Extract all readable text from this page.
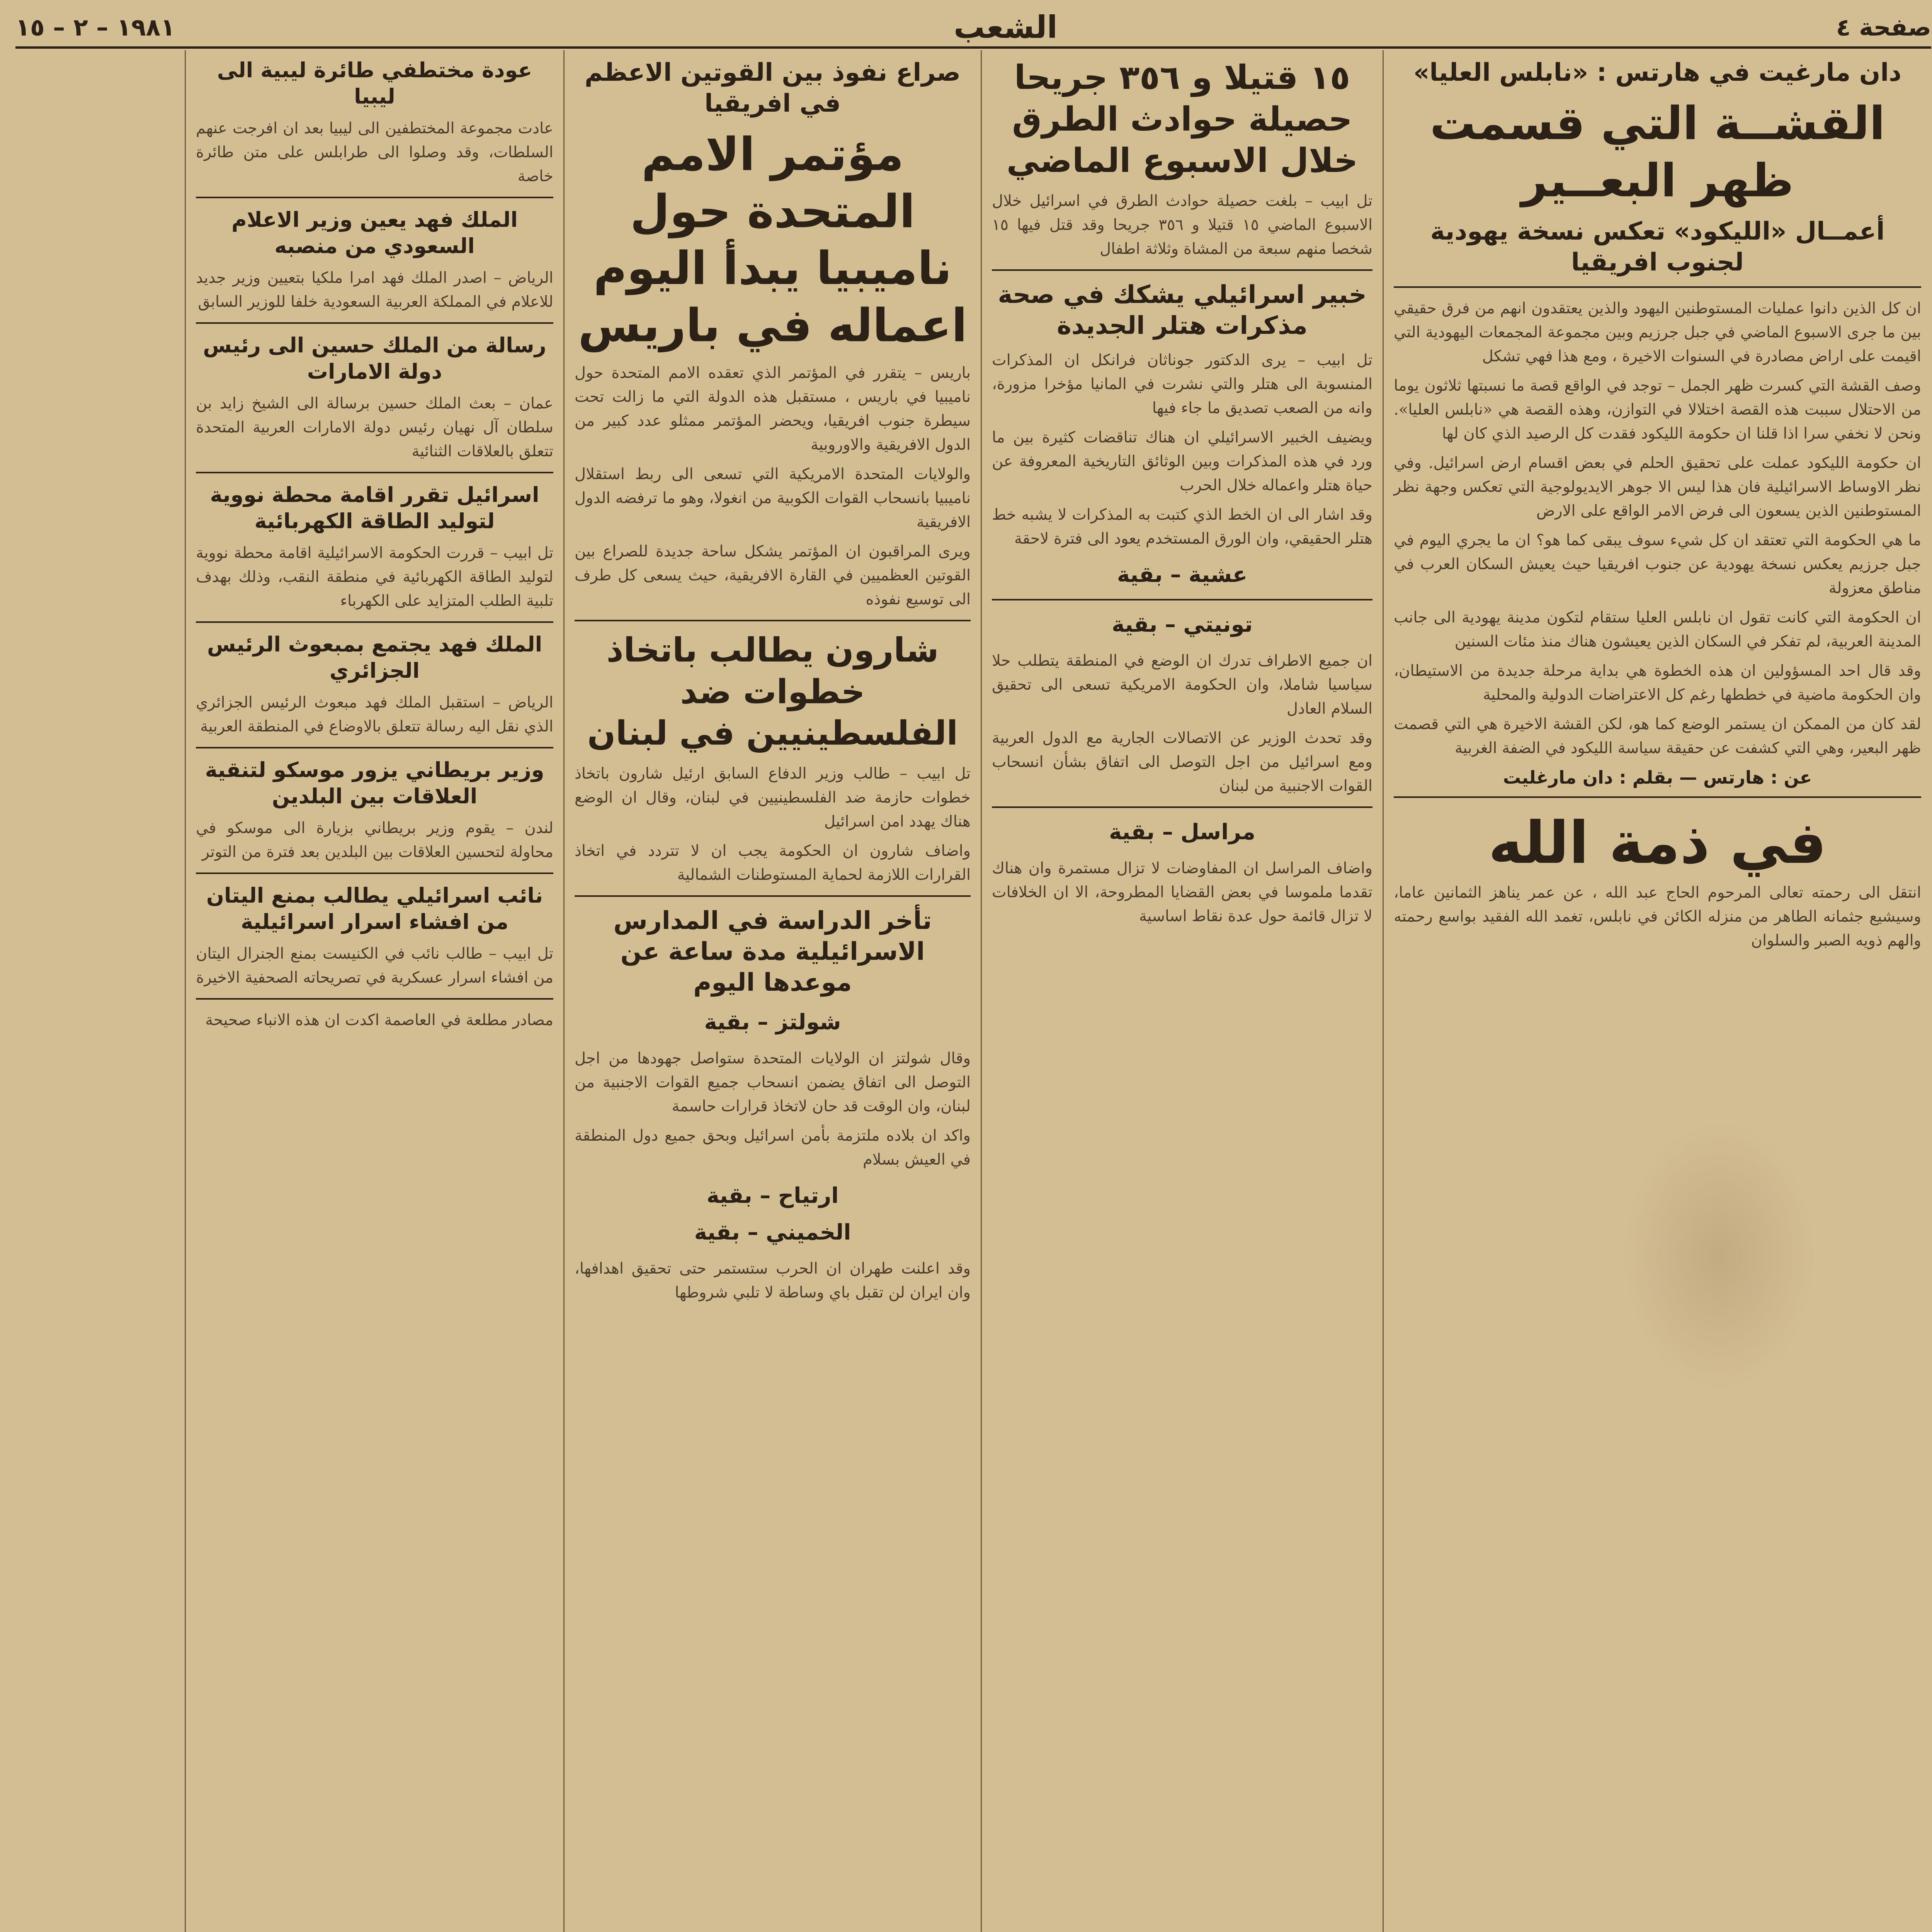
صفحة ٤
الشعب
١٩٨١ – ٢ – ١٥
دان مارغيت في هارتس : «نابلس العليا»
القشــة التي قسمت ظهر البعــير
أعمــال «الليكود» تعكس نسخة يهودية لجنوب افريقيا

ان كل الذين دانوا عمليات المستوطنين اليهود والذين يعتقدون انهم من فرق حقيقي بين ما جرى الاسبوع الماضي في جبل جرزيم وبين مجموعة المجمعات اليهودية التي اقيمت على اراض مصادرة في السنوات الاخيرة ، ومع هذا فهي تشكل

وصف القشة التي كسرت ظهر الجمل – توجد في الواقع قصة ما نسبتها ثلاثون يوما من الاحتلال سببت هذه القصة اختلالا في التوازن، وهذه القصة هي «نابلس العليا». ونحن لا نخفي سرا اذا قلنا ان حكومة الليكود فقدت كل الرصيد الذي كان لها

ان حكومة الليكود عملت على تحقيق الحلم في بعض اقسام ارض اسرائيل. وفي نظر الاوساط الاسرائيلية فان هذا ليس الا جوهر الايديولوجية التي تعكس وجهة نظر المستوطنين الذين يسعون الى فرض الامر الواقع على الارض

ما هي الحكومة التي تعتقد ان كل شيء سوف يبقى كما هو؟ ان ما يجري اليوم في جبل جرزيم يعكس نسخة يهودية عن جنوب افريقيا حيث يعيش السكان العرب في مناطق معزولة

ان الحكومة التي كانت تقول ان نابلس العليا ستقام لتكون مدينة يهودية الى جانب المدينة العربية، لم تفكر في السكان الذين يعيشون هناك منذ مئات السنين

وقد قال احد المسؤولين ان هذه الخطوة هي بداية مرحلة جديدة من الاستيطان، وان الحكومة ماضية في خططها رغم كل الاعتراضات الدولية والمحلية

لقد كان من الممكن ان يستمر الوضع كما هو، لكن القشة الاخيرة هي التي قصمت ظهر البعير، وهي التي كشفت عن حقيقة سياسة الليكود في الضفة الغربية

عن : هارتس — بقلم : دان مارغليت
في ذمة الله
انتقل الى رحمته تعالى المرحوم الحاج عبد الله ، عن عمر يناهز الثمانين عاما، وسيشيع جثمانه الطاهر من منزله الكائن في نابلس، تغمد الله الفقيد بواسع رحمته والهم ذويه الصبر والسلوان
١٥ قتيلا و ٣٥٦ جريحا حصيلة حوادث الطرق خلال الاسبوع الماضي

تل ابيب – بلغت حصيلة حوادث الطرق في اسرائيل خلال الاسبوع الماضي ١٥ قتيلا و ٣٥٦ جريحا وقد قتل فيها ١٥ شخصا منهم سبعة من المشاة وثلاثة اطفال

خبير اسرائيلي يشكك في صحة مذكرات هتلر الجديدة

تل ابيب – يرى الدكتور جوناثان فرانكل ان المذكرات المنسوبة الى هتلر والتي نشرت في المانيا مؤخرا مزورة، وانه من الصعب تصديق ما جاء فيها

ويضيف الخبير الاسرائيلي ان هناك تناقضات كثيرة بين ما ورد في هذه المذكرات وبين الوثائق التاريخية المعروفة عن حياة هتلر واعماله خلال الحرب

وقد اشار الى ان الخط الذي كتبت به المذكرات لا يشبه خط هتلر الحقيقي، وان الورق المستخدم يعود الى فترة لاحقة

عشية – بقية
تونيتي – بقية

ان جميع الاطراف تدرك ان الوضع في المنطقة يتطلب حلا سياسيا شاملا، وان الحكومة الامريكية تسعى الى تحقيق السلام العادل

وقد تحدث الوزير عن الاتصالات الجارية مع الدول العربية ومع اسرائيل من اجل التوصل الى اتفاق بشأن انسحاب القوات الاجنبية من لبنان

مراسل – بقية

واضاف المراسل ان المفاوضات لا تزال مستمرة وان هناك تقدما ملموسا في بعض القضايا المطروحة، الا ان الخلافات لا تزال قائمة حول عدة نقاط اساسية

صراع نفوذ بين القوتين الاعظم في افريقيا
مؤتمر الامم المتحدة حول ناميبيا يبدأ اليوم اعماله في باريس

باريس – يتقرر في المؤتمر الذي تعقده الامم المتحدة حول ناميبيا في باريس ، مستقبل هذه الدولة التي ما زالت تحت سيطرة جنوب افريقيا، ويحضر المؤتمر ممثلو عدد كبير من الدول الافريقية والاوروبية

والولايات المتحدة الامريكية التي تسعى الى ربط استقلال ناميبيا بانسحاب القوات الكوبية من انغولا، وهو ما ترفضه الدول الافريقية

ويرى المراقبون ان المؤتمر يشكل ساحة جديدة للصراع بين القوتين العظميين في القارة الافريقية، حيث يسعى كل طرف الى توسيع نفوذه

شارون يطالب باتخاذ خطوات ضد الفلسطينيين في لبنان

تل ابيب – طالب وزير الدفاع السابق ارئيل شارون باتخاذ خطوات حازمة ضد الفلسطينيين في لبنان، وقال ان الوضع هناك يهدد امن اسرائيل

واضاف شارون ان الحكومة يجب ان لا تتردد في اتخاذ القرارات اللازمة لحماية المستوطنات الشمالية

تأخر الدراسة في المدارس الاسرائيلية مدة ساعة عن موعدها اليوم
شولتز – بقية

وقال شولتز ان الولايات المتحدة ستواصل جهودها من اجل التوصل الى اتفاق يضمن انسحاب جميع القوات الاجنبية من لبنان، وان الوقت قد حان لاتخاذ قرارات حاسمة

واكد ان بلاده ملتزمة بأمن اسرائيل وبحق جميع دول المنطقة في العيش بسلام

ارتياح – بقية
الخميني – بقية

وقد اعلنت طهران ان الحرب ستستمر حتى تحقيق اهدافها، وان ايران لن تقبل باي وساطة لا تلبي شروطها

عودة مختطفي طائرة ليبية الى ليبيا
عادت مجموعة المختطفين الى ليبيا بعد ان افرجت عنهم السلطات، وقد وصلوا الى طرابلس على متن طائرة خاصة
الملك فهد يعين وزير الاعلام السعودي من منصبه
الرياض – اصدر الملك فهد امرا ملكيا بتعيين وزير جديد للاعلام في المملكة العربية السعودية خلفا للوزير السابق
رسالة من الملك حسين الى رئيس دولة الامارات
عمان – بعث الملك حسين برسالة الى الشيخ زايد بن سلطان آل نهيان رئيس دولة الامارات العربية المتحدة تتعلق بالعلاقات الثنائية
اسرائيل تقرر اقامة محطة نووية لتوليد الطاقة الكهربائية
تل ابيب – قررت الحكومة الاسرائيلية اقامة محطة نووية لتوليد الطاقة الكهربائية في منطقة النقب، وذلك بهدف تلبية الطلب المتزايد على الكهرباء
الملك فهد يجتمع بمبعوث الرئيس الجزائري
الرياض – استقبل الملك فهد مبعوث الرئيس الجزائري الذي نقل اليه رسالة تتعلق بالاوضاع في المنطقة العربية
وزير بريطاني يزور موسكو لتنقية العلاقات بين البلدين
لندن – يقوم وزير بريطاني بزيارة الى موسكو في محاولة لتحسين العلاقات بين البلدين بعد فترة من التوتر
نائب اسرائيلي يطالب بمنع اليتان من افشاء اسرار اسرائيلية
تل ابيب – طالب نائب في الكنيست بمنع الجنرال اليتان من افشاء اسرار عسكرية في تصريحاته الصحفية الاخيرة
مصادر مطلعة في العاصمة اكدت ان هذه الانباء صحيحة
